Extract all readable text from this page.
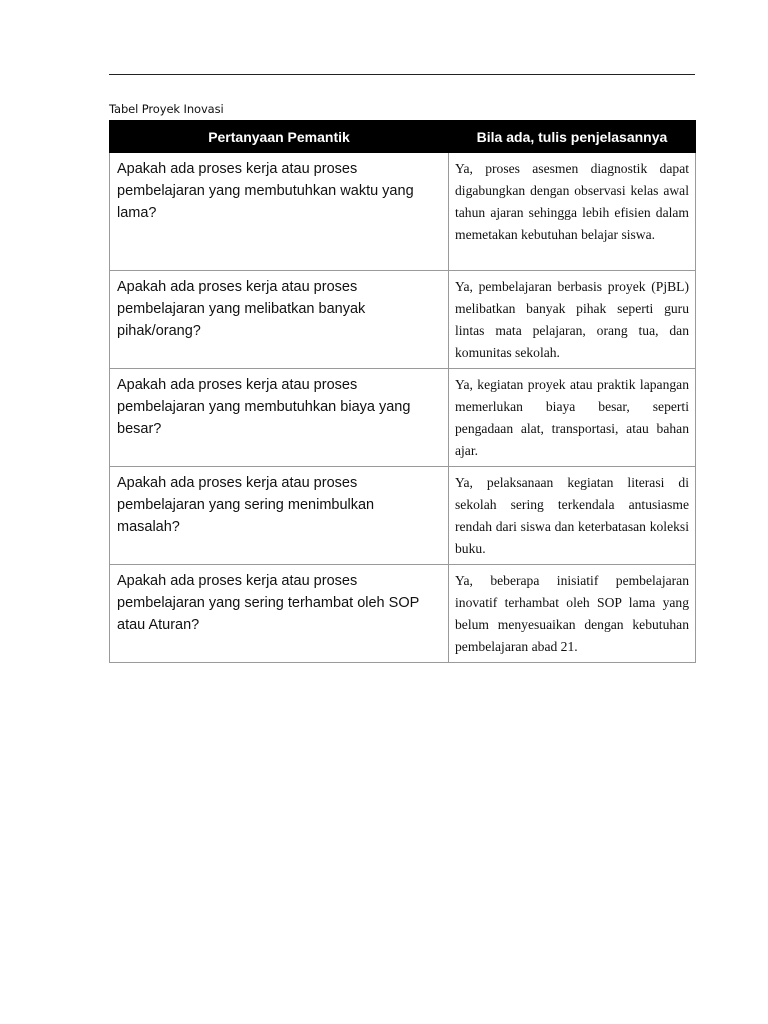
Tabel Proyek Inovasi
Pertanyaan Pemantik	Bila ada, tulis penjelasannya
Apakah ada proses kerja atau proses pembelajaran yang membutuhkan waktu yang lama?	Ya, proses asesmen diagnostik dapat digabungkan dengan observasi kelas awal tahun ajaran sehingga lebih efisien dalam memetakan kebutuhan belajar siswa.
Apakah ada proses kerja atau proses pembelajaran yang melibatkan banyak pihak/orang?	Ya, pembelajaran berbasis proyek (PjBL) melibatkan banyak pihak seperti guru lintas mata pelajaran, orang tua, dan komunitas sekolah.
Apakah ada proses kerja atau proses pembelajaran yang membutuhkan biaya yang besar?	Ya, kegiatan proyek atau praktik lapangan memerlukan biaya besar, seperti pengadaan alat, transportasi, atau bahan ajar.
Apakah ada proses kerja atau proses pembelajaran yang sering menimbulkan masalah?	Ya, pelaksanaan kegiatan literasi di sekolah sering terkendala antusiasme rendah dari siswa dan keterbatasan koleksi buku.
Apakah ada proses kerja atau proses pembelajaran yang sering terhambat oleh SOP atau Aturan?	Ya, beberapa inisiatif pembelajaran inovatif terhambat oleh SOP lama yang belum menyesuaikan dengan kebutuhan pembelajaran abad 21.
